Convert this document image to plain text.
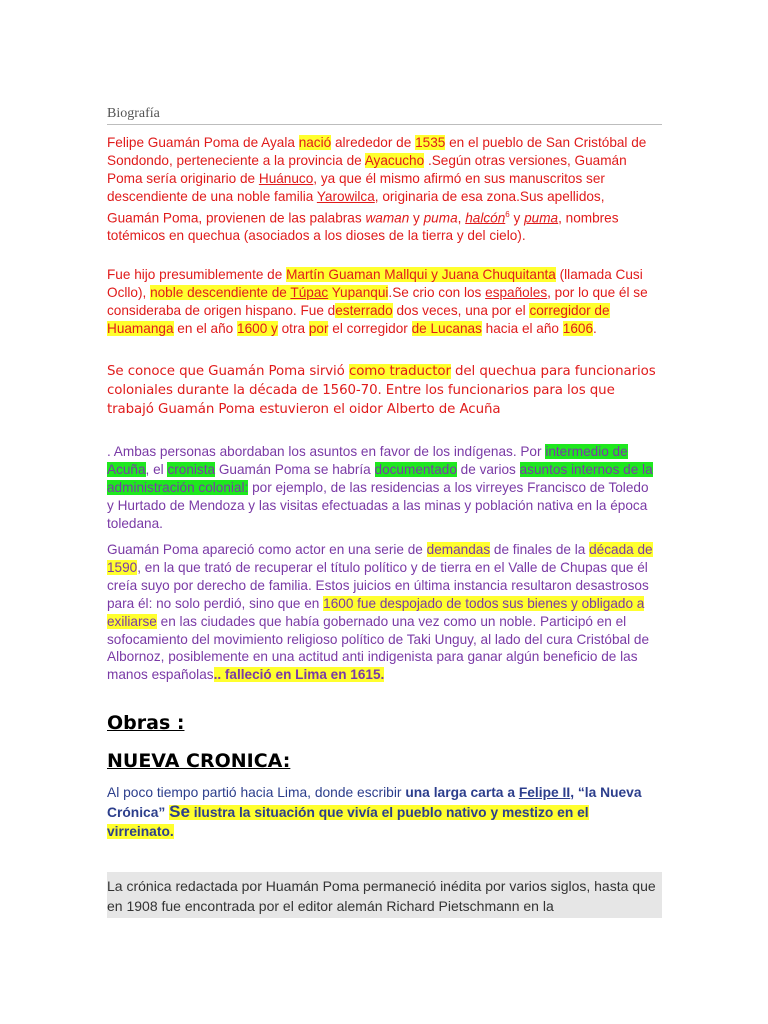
Biografía
Felipe Guamán Poma de Ayala nació alrededor de 1535 en el pueblo de San Cristóbal de Sondondo, perteneciente a la provincia de Ayacucho .Según otras versiones, Guamán Poma sería originario de Huánuco, ya que él mismo afirmó en sus manuscritos ser descendiente de una noble familia Yarowilca, originaria de esa zona.Sus apellidos, Guamán Poma, provienen de las palabras waman y puma, halcón$^6$ y puma, nombres totémicos en quechua (asociados a los dioses de la tierra y del cielo).
Fue hijo presumiblemente de Martín Guaman Mallqui y Juana Chuquitanta (llamada Cusi Ocllo), noble descendiente de Túpac Yupanqui.Se crio con los españoles, por lo que él se consideraba de origen hispano. Fue desterrado dos veces, una por el corregidor de Huamanga en el año 1600 y otra por el corregidor de Lucanas hacia el año 1606.
Se conoce que Guamán Poma sirvió como traductor del quechua para funcionarios coloniales durante la década de 1560-70. Entre los funcionarios para los que trabajó Guamán Poma estuvieron el oidor Alberto de Acuña
. Ambas personas abordaban los asuntos en favor de los indígenas. Por intermedio de Acuña, el cronista Guamán Poma se habría documentado de varios asuntos internos de la administración colonial: por ejemplo, de las residencias a los virreyes Francisco de Toledo y Hurtado de Mendoza y las visitas efectuadas a las minas y población nativa en la época toledana.
Guamán Poma apareció como actor en una serie de demandas de finales de la década de 1590, en la que trató de recuperar el título político y de tierra en el Valle de Chupas que él creía suyo por derecho de familia. Estos juicios en última instancia resultaron desastrosos para él: no solo perdió, sino que en 1600 fue despojado de todos sus bienes y obligado a exiliarse en las ciudades que había gobernado una vez como un noble. Participó en el sofocamiento del movimiento religioso político de Taki Unguy, al lado del cura Cristóbal de Albornoz, posiblemente en una actitud anti indigenista para ganar algún beneficio de las manos españolas.. falleció en Lima en 1615.
Obras :
NUEVA CRONICA:
Al poco tiempo partió hacia Lima, donde escribir una larga carta a Felipe II, “la Nueva Crónica” Se ilustra la situación que vivía el pueblo nativo y mestizo en el virreinato.
La crónica redactada por Huamán Poma permaneció inédita por varios siglos, hasta que en 1908 fue encontrada por el editor alemán Richard Pietschmann en la
